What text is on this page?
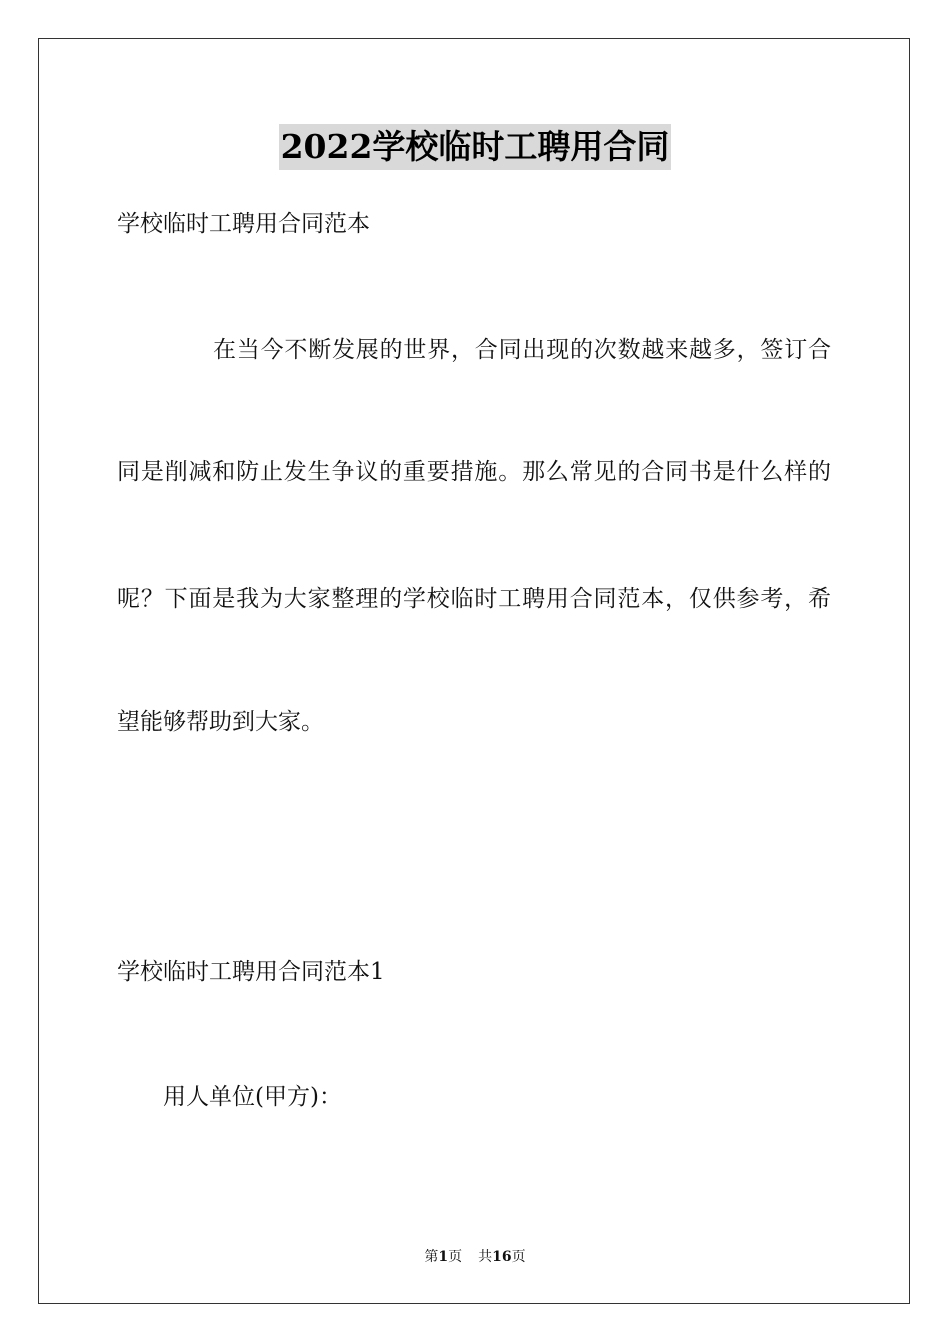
2022学校临时工聘用合同
学校临时工聘用合同范本
在当今不断发展的世界，合同出现的次数越来越多，签订合
同是削减和防止发生争议的重要措施。那么常见的合同书是什么样的
呢？下面是我为大家整理的学校临时工聘用合同范本，仅供参考，希
望能够帮助到大家。
学校临时工聘用合同范本1
用人单位(甲方)：
第1页 共16页
